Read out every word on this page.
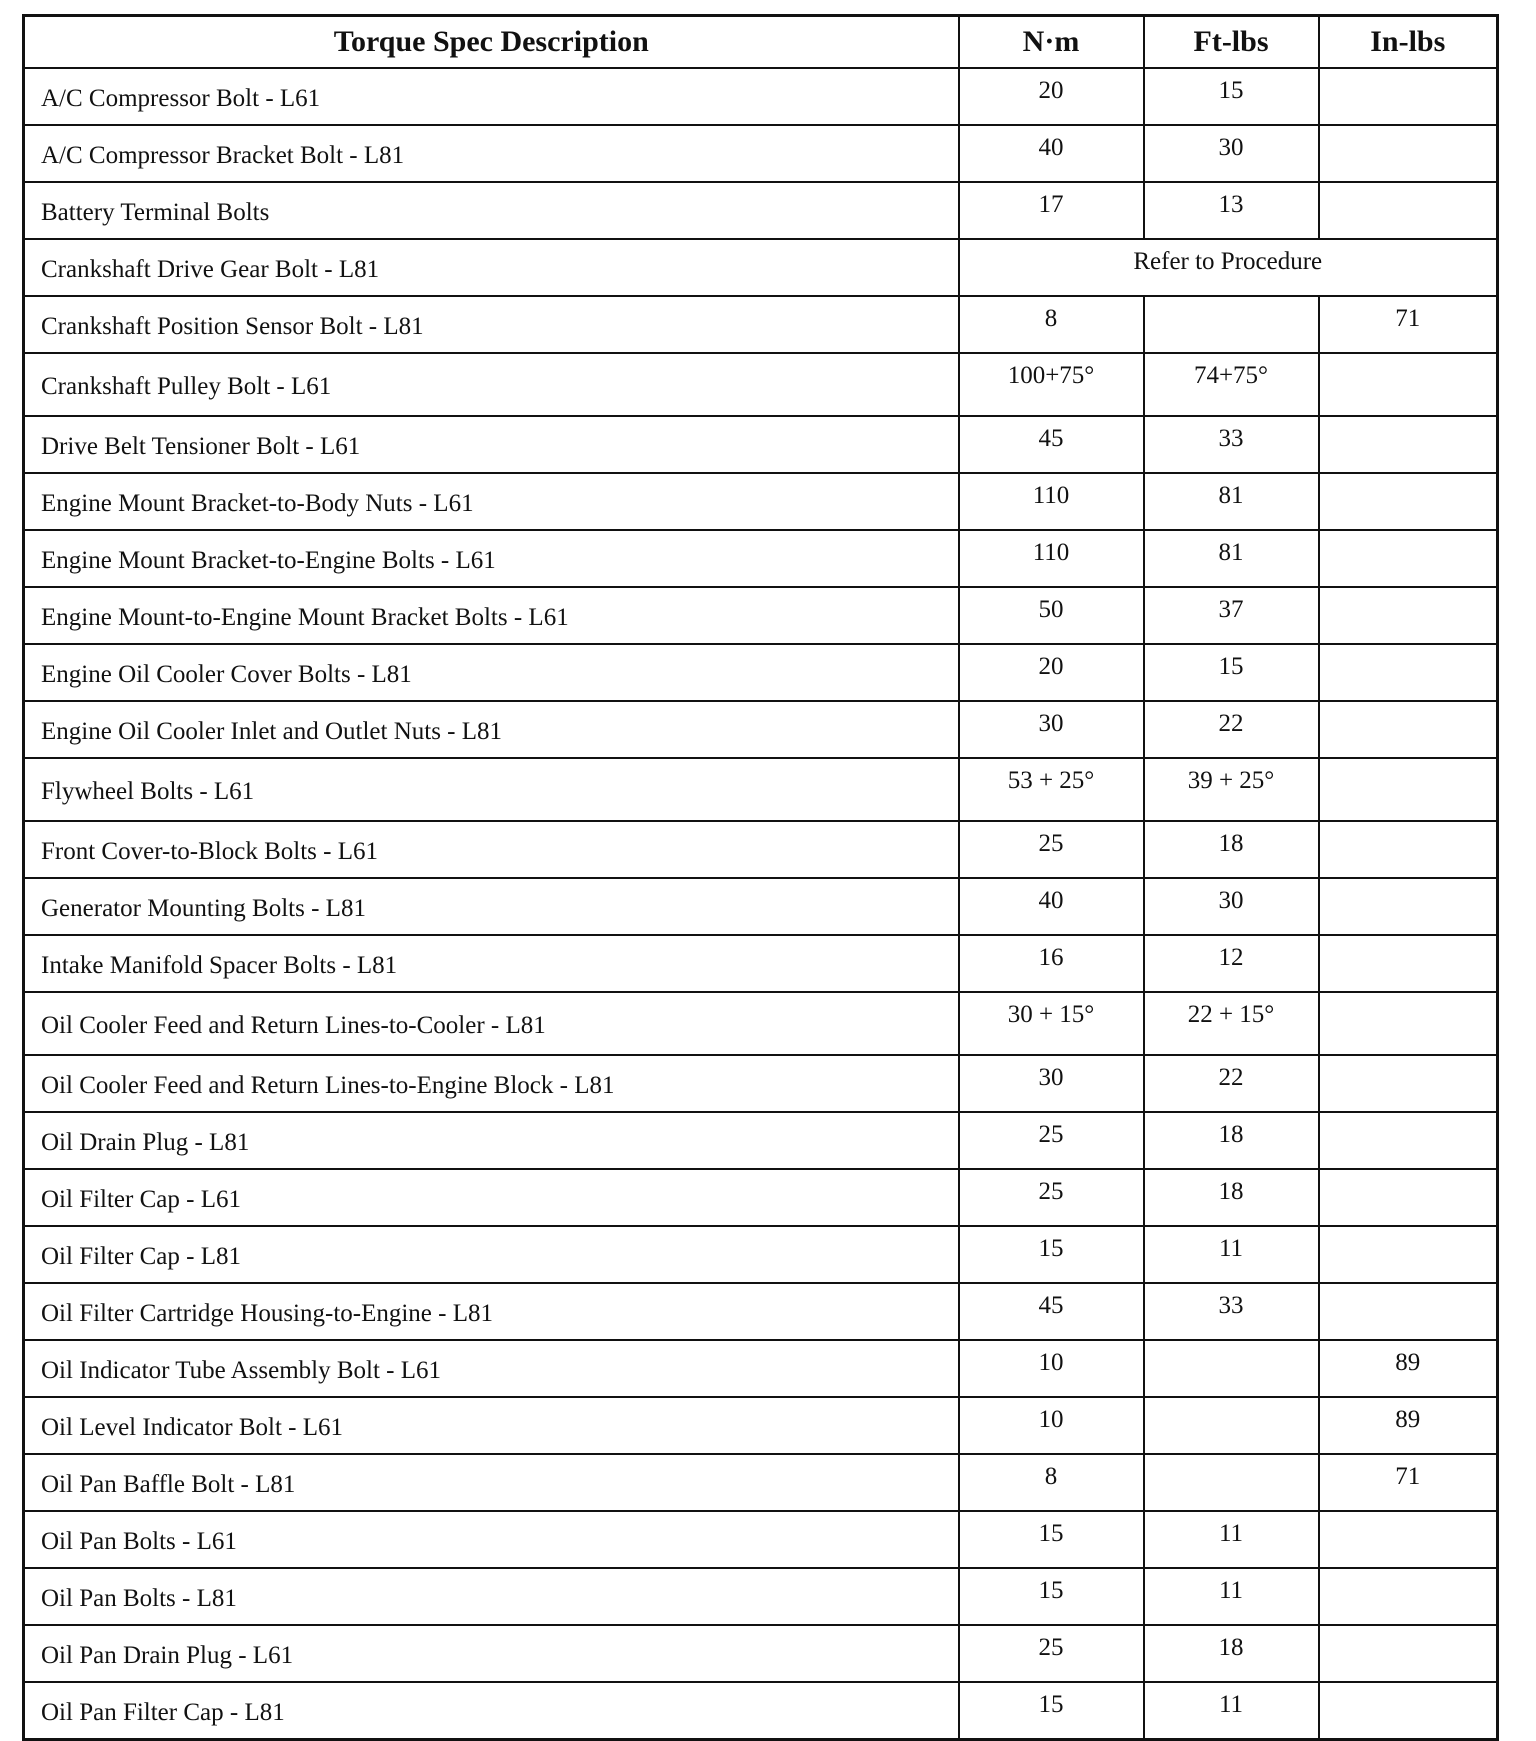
Torque Spec Description	N·m	Ft-lbs	In-lbs
A/C Compressor Bolt - L61	20	15	
A/C Compressor Bracket Bolt - L81	40	30	
Battery Terminal Bolts	17	13	
Crankshaft Drive Gear Bolt - L81	Refer to Procedure		
Crankshaft Position Sensor Bolt - L81	8		71
Crankshaft Pulley Bolt - L61	100+75°	74+75°	
Drive Belt Tensioner Bolt - L61	45	33	
Engine Mount Bracket-to-Body Nuts - L61	110	81	
Engine Mount Bracket-to-Engine Bolts - L61	110	81	
Engine Mount-to-Engine Mount Bracket Bolts - L61	50	37	
Engine Oil Cooler Cover Bolts - L81	20	15	
Engine Oil Cooler Inlet and Outlet Nuts - L81	30	22	
Flywheel Bolts - L61	53 + 25°	39 + 25°	
Front Cover-to-Block Bolts - L61	25	18	
Generator Mounting Bolts - L81	40	30	
Intake Manifold Spacer Bolts - L81	16	12	
Oil Cooler Feed and Return Lines-to-Cooler - L81	30 + 15°	22 + 15°	
Oil Cooler Feed and Return Lines-to-Engine Block - L81	30	22	
Oil Drain Plug - L81	25	18	
Oil Filter Cap - L61	25	18	
Oil Filter Cap - L81	15	11	
Oil Filter Cartridge Housing-to-Engine - L81	45	33	
Oil Indicator Tube Assembly Bolt - L61	10		89
Oil Level Indicator Bolt - L61	10		89
Oil Pan Baffle Bolt - L81	8		71
Oil Pan Bolts - L61	15	11	
Oil Pan Bolts - L81	15	11	
Oil Pan Drain Plug - L61	25	18	
Oil Pan Filter Cap - L81	15	11	
